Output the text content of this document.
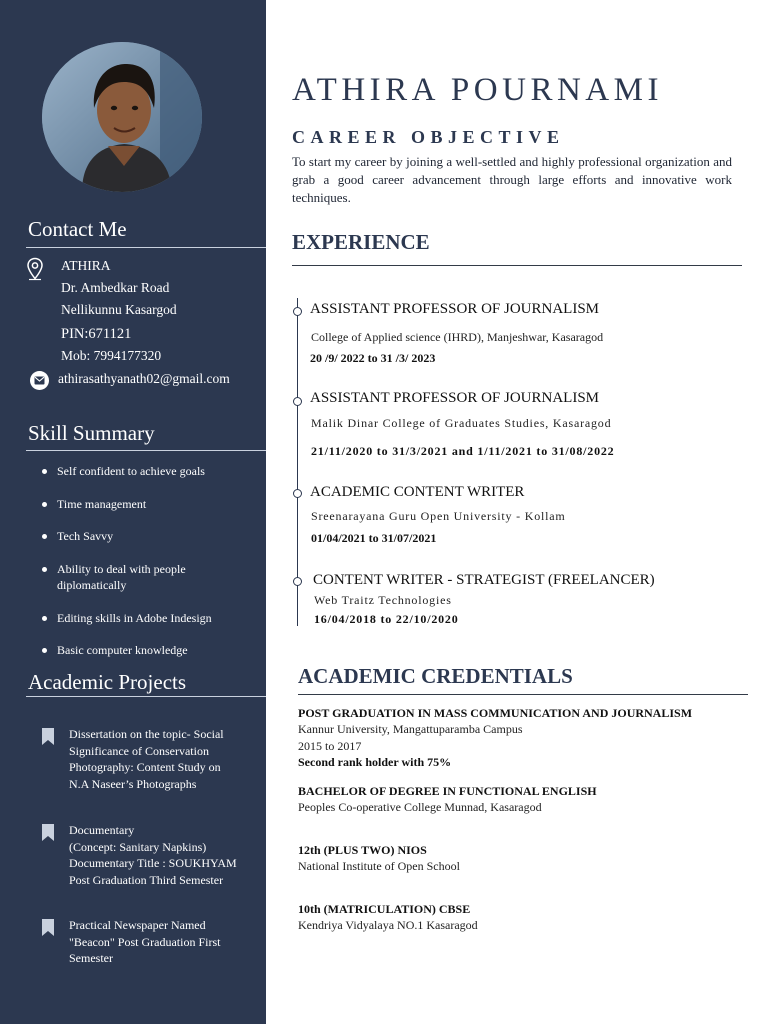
Contact Me
ATHIRA
Dr. Ambedkar Road
Nellikunnu Kasargod
PIN:671121
Mob: 7994177320
athirasathyanath02@gmail.com
Skill Summary
Self confident to achieve goals
Time management
Tech Savvy
Ability to deal with people diplomatically
Editing skills in Adobe Indesign
Basic computer knowledge
Academic Projects
Dissertation on the topic- Social
Significance of Conservation
Photography: Content Study on
N.A Naseer’s Photographs
Documentary
(Concept: Sanitary Napkins)
Documentary Title : SOUKHYAM
Post Graduation Third Semester
Practical Newspaper Named
"Beacon" Post Graduation First
Semester
ATHIRA POURNAMI
CAREER OBJECTIVE

To start my career by joining a well-settled and highly professional organization and grab a good career advancement through large efforts and innovative work techniques.

EXPERIENCE
ASSISTANT PROFESSOR OF JOURNALISM
College of Applied science (IHRD), Manjeshwar, Kasaragod
20 /9/ 2022 to 31 /3/ 2023
ASSISTANT PROFESSOR OF JOURNALISM
Malik Dinar College of Graduates Studies, Kasaragod
21/11/2020 to 31/3/2021 and 1/11/2021 to 31/08/2022
ACADEMIC CONTENT WRITER
Sreenarayana Guru Open University - Kollam
01/04/2021 to 31/07/2021
CONTENT WRITER - STRATEGIST (FREELANCER)
Web Traitz Technologies
16/04/2018 to 22/10/2020
ACADEMIC CREDENTIALS
POST GRADUATION IN MASS COMMUNICATION AND JOURNALISM
Kannur University, Mangattuparamba Campus
2015 to 2017
Second rank holder with 75%
BACHELOR OF DEGREE IN FUNCTIONAL ENGLISH
Peoples Co-operative College Munnad, Kasaragod
12th (PLUS TWO) NIOS
National Institute of Open School
10th (MATRICULATION) CBSE
Kendriya Vidyalaya NO.1 Kasaragod
